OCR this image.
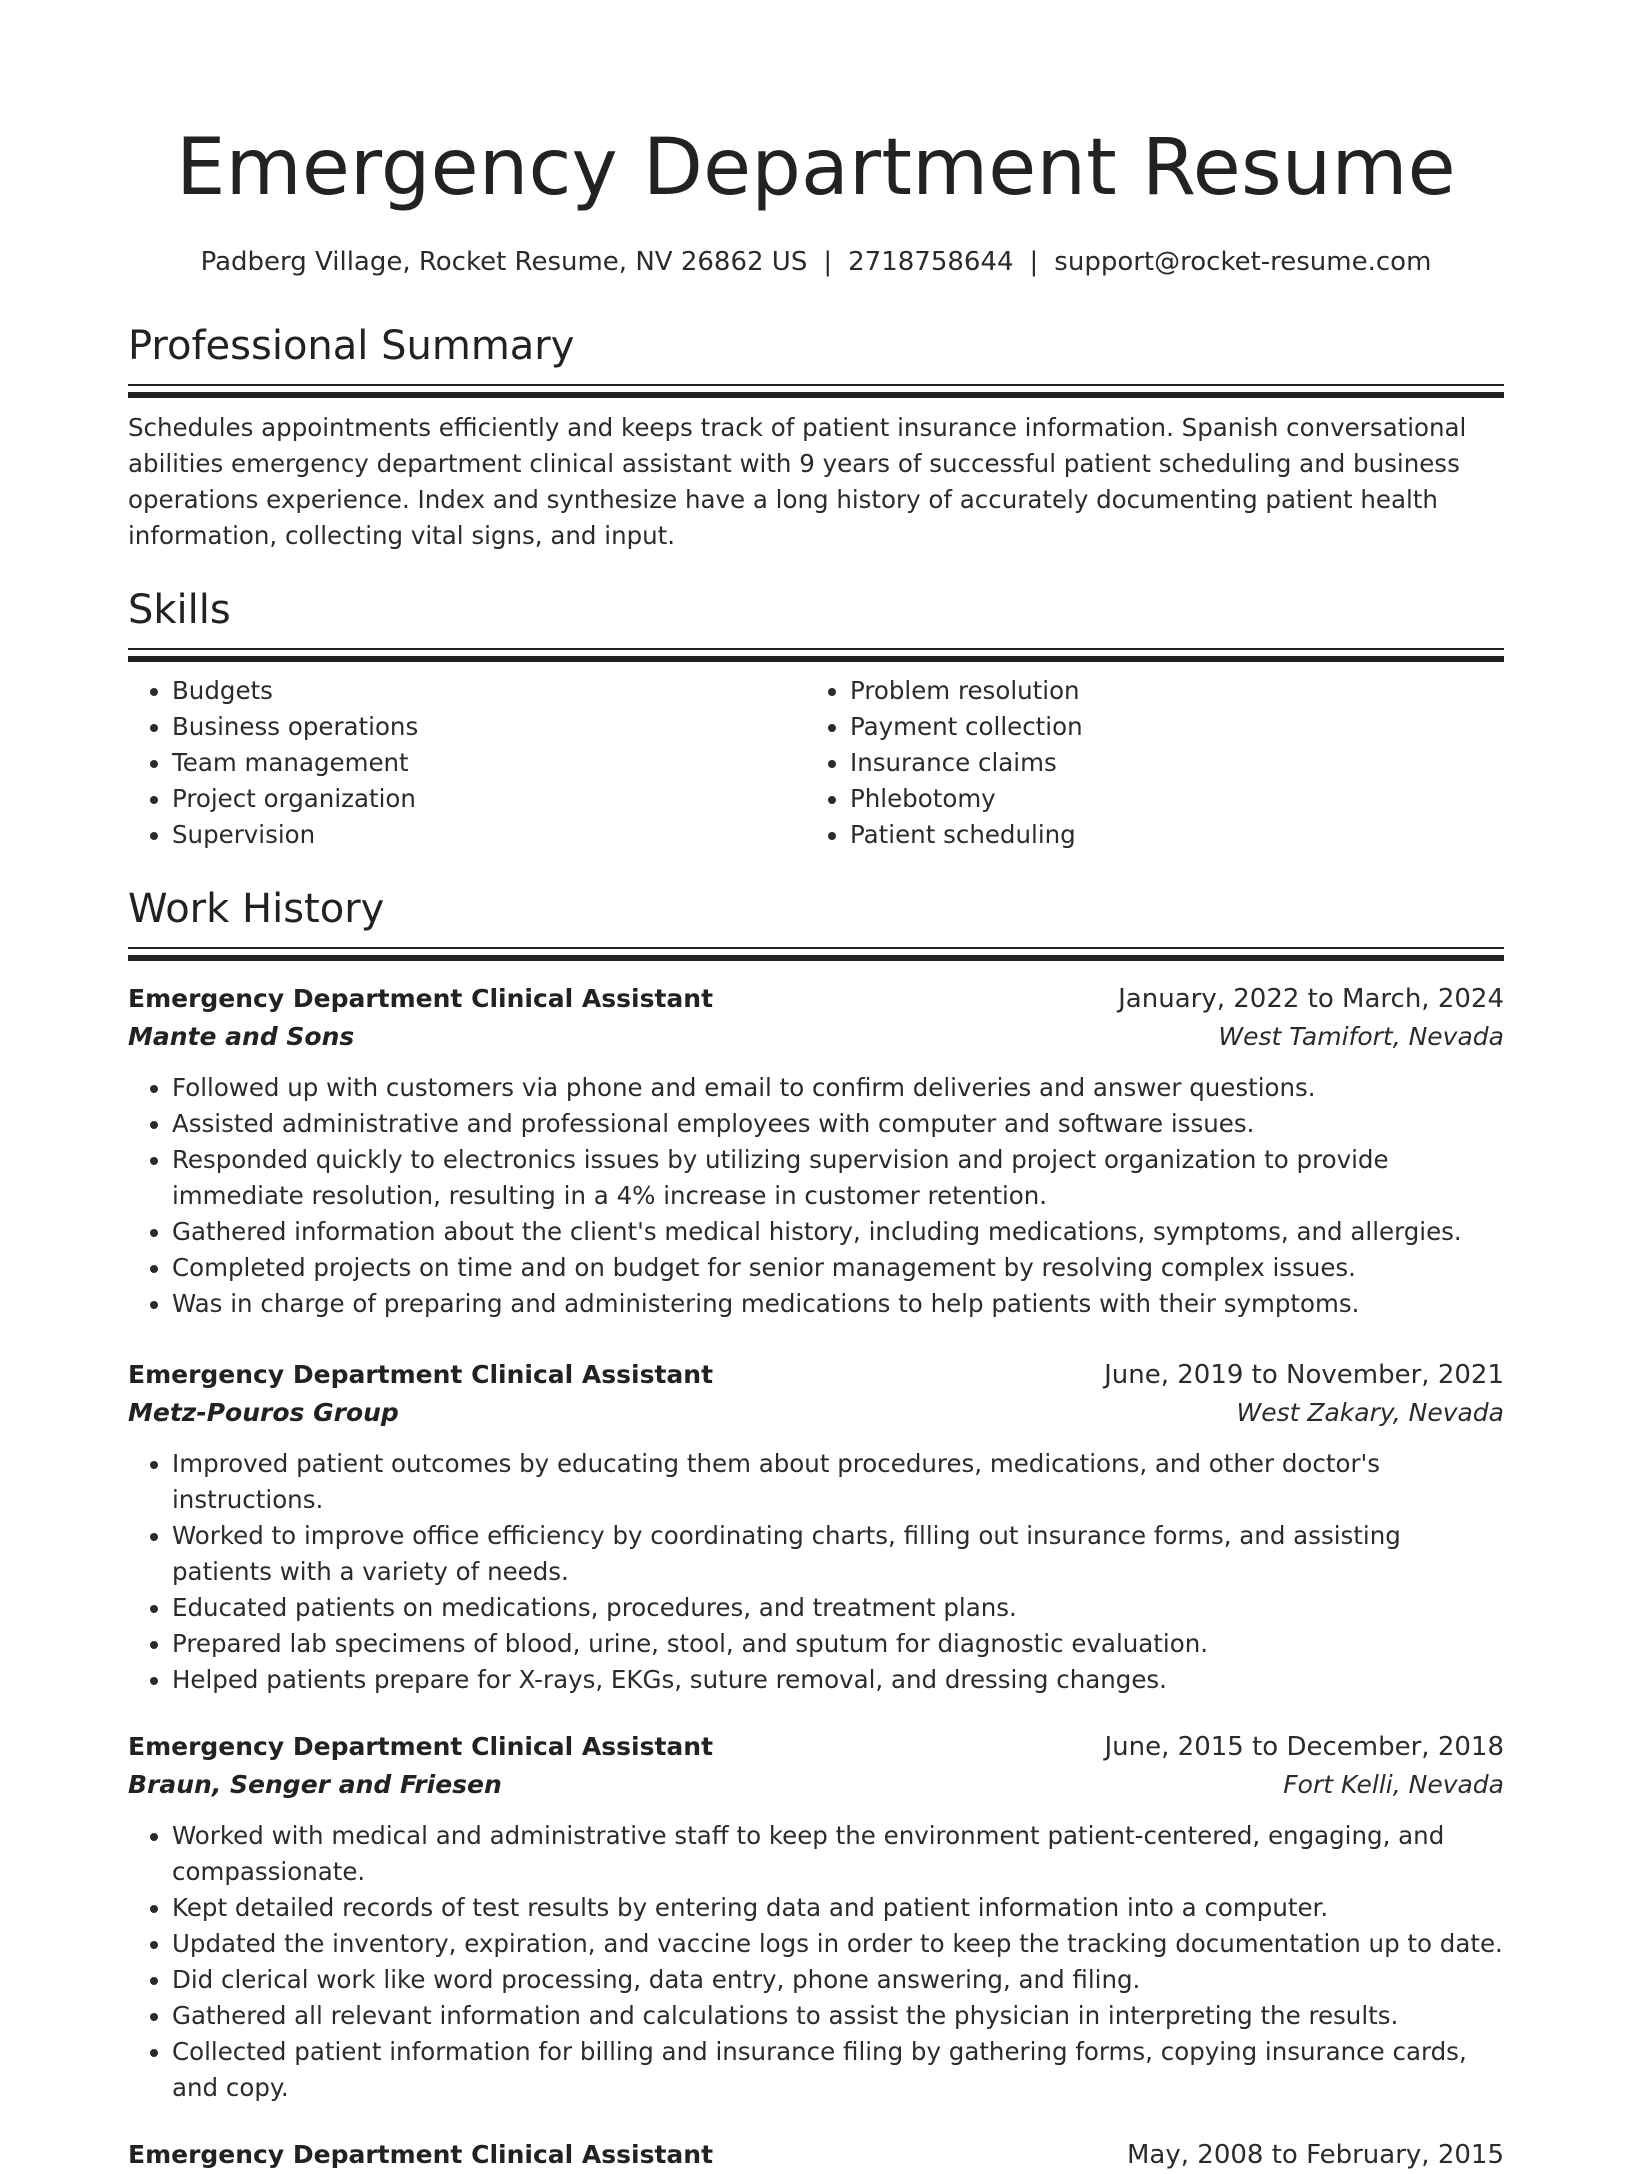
Emergency Department Resume
Padberg Village, Rocket Resume, NV 26862 US | 2718758644 | support@rocket-resume.com
Professional Summary

Schedules appointments efficiently and keeps track of patient insurance information. Spanish conversational abilities emergency department clinical assistant with 9 years of successful patient scheduling and business operations experience. Index and synthesize have a long history of accurately documenting patient health information, collecting vital signs, and input.

Skills
• Budgets
• Business operations
• Team management
• Project organization
• Supervision
• Problem resolution
• Payment collection
• Insurance claims
• Phlebotomy
• Patient scheduling
Work History
Emergency Department Clinical Assistant	January, 2022 to March, 2024
Mante and Sons	West Tamifort, Nevada
• Followed up with customers via phone and email to confirm deliveries and answer questions.
• Assisted administrative and professional employees with computer and software issues.
• Responded quickly to electronics issues by utilizing supervision and project organization to provide immediate resolution, resulting in a 4% increase in customer retention.
• Gathered information about the client's medical history, including medications, symptoms, and allergies.
• Completed projects on time and on budget for senior management by resolving complex issues.
• Was in charge of preparing and administering medications to help patients with their symptoms.
Emergency Department Clinical Assistant	June, 2019 to November, 2021
Metz-Pouros Group	West Zakary, Nevada
• Improved patient outcomes by educating them about procedures, medications, and other doctor's instructions.
• Worked to improve office efficiency by coordinating charts, filling out insurance forms, and assisting patients with a variety of needs.
• Educated patients on medications, procedures, and treatment plans.
• Prepared lab specimens of blood, urine, stool, and sputum for diagnostic evaluation.
• Helped patients prepare for X-rays, EKGs, suture removal, and dressing changes.
Emergency Department Clinical Assistant	June, 2015 to December, 2018
Braun, Senger and Friesen	Fort Kelli, Nevada
• Worked with medical and administrative staff to keep the environment patient-centered, engaging, and compassionate.
• Kept detailed records of test results by entering data and patient information into a computer.
• Updated the inventory, expiration, and vaccine logs in order to keep the tracking documentation up to date.
• Did clerical work like word processing, data entry, phone answering, and filing.
• Gathered all relevant information and calculations to assist the physician in interpreting the results.
• Collected patient information for billing and insurance filing by gathering forms, copying insurance cards, and copy.
Emergency Department Clinical Assistant	May, 2008 to February, 2015
